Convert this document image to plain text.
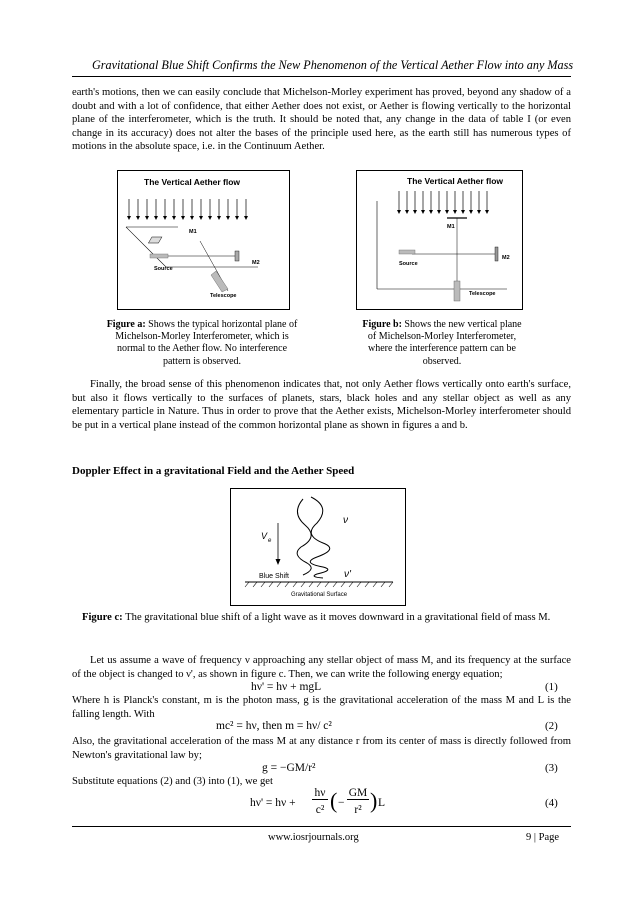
Gravitational Blue Shift Confirms the New Phenomenon of the Vertical Aether Flow into any Mass

earth's motions, then we can easily conclude that Michelson-Morley experiment has proved, beyond any shadow of a doubt and with a lot of confidence, that either Aether does not exist, or Aether is flowing vertically to the horizontal plane of the interferometer, which is the truth. It should be noted that, any change in the data of table I (or even change in its accuracy) does not alter the bases of the principle used here, as the earth still has numerous types of motions in the absolute space, i.e. in the Continuum Aether.

The Vertical Aether flow
M1
Source
M2
Telescope
Figure a: Shows the typical horizontal plane of Michelson-Morley Interferometer, which is normal to the Aether flow. No interference pattern is observed.
The Vertical Aether flow
M1
Source
M2
Telescope
Figure b: Shows the new vertical plane of Michelson-Morley Interferometer, where the interference pattern can be observed.

Finally, the broad sense of this phenomenon indicates that, not only Aether flows vertically onto earth's surface, but also it flows vertically to the surfaces of planets, stars, black holes and any stellar object as well as any elementary particle in Nature. Thus in order to prove that the Aether exists, Michelson-Morley interferometer should be put in a vertical plane instead of the common horizontal plane as shown in figures a and b.

Doppler Effect in a gravitational Field and the Aether Speed
V e
ν
ν'
Blue Shift
Gravitational Surface
Figure c: The gravitational blue shift of a light wave as it moves downward in a gravitational field of mass M.

Let us assume a wave of frequency ν approaching any stellar object of mass M, and its frequency at the surface of the object is changed to ν', as shown in figure c. Then, we can write the following energy equation;

hν' = hν + mgL	(1)

Where h is Planck's constant, m is the photon mass, g is the gravitational acceleration of the mass M and L is the falling length. With

mc² = hν, then m = hν/ c²	(2)

Also, the gravitational acceleration of the mass M at any distance r from its center of mass is directly followed from Newton's gravitational law by;

g = −GM/r²	(3)

Substitute equations (2) and (3) into (1), we get

hν' = hν +
hν
c² ( −
GM
r² ) L	(4)
www.iosrjournals.org	9 | Page
